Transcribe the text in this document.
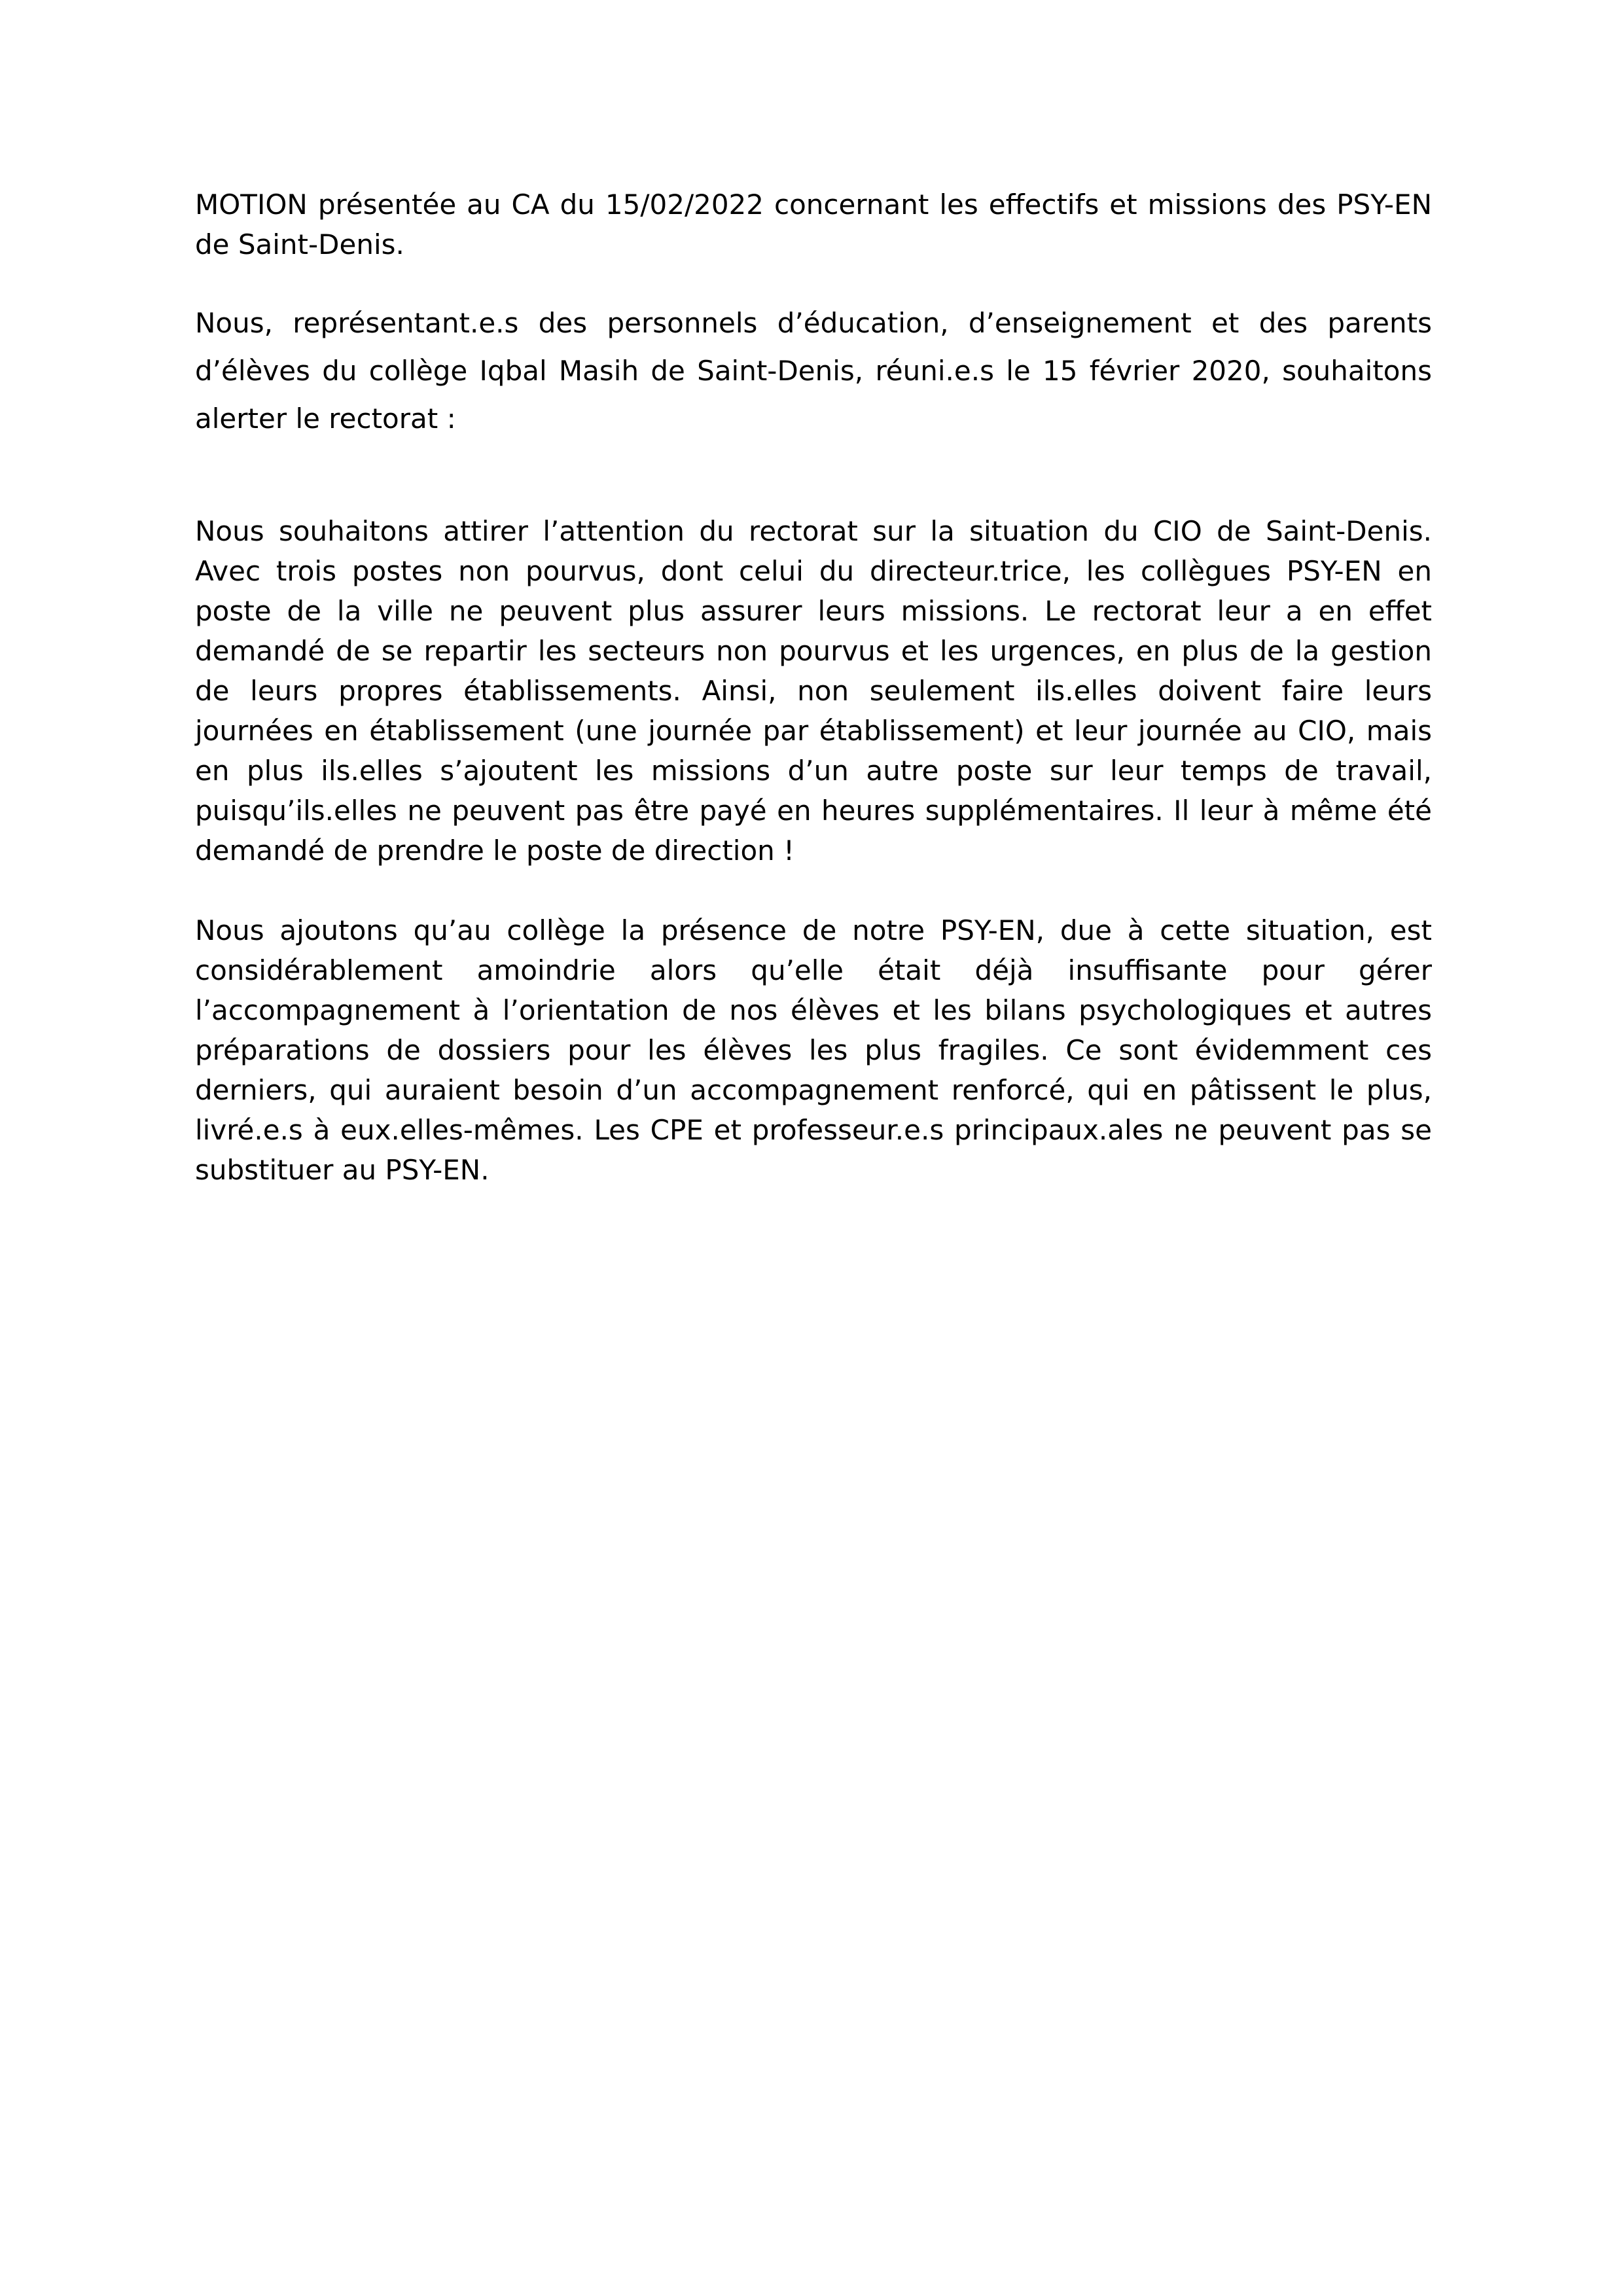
MOTION présentée au CA du 15/02/2022 concernant les effectifs et missions des PSY-EN de Saint-Denis.

Nous, représentant.e.s des personnels d’éducation, d’enseignement et des parents d’élèves du collège Iqbal Masih de Saint-Denis, réuni.e.s le 15 février 2020, souhaitons alerter le rectorat :

Nous souhaitons attirer l’attention du rectorat sur la situation du CIO de Saint-Denis. Avec trois postes non pourvus, dont celui du directeur.trice, les collègues PSY-EN en poste de la ville ne peuvent plus assurer leurs missions. Le rectorat leur a en effet demandé de se repartir les secteurs non pourvus et les urgences, en plus de la gestion de leurs propres établissements. Ainsi, non seulement ils.elles doivent faire leurs journées en établissement (une journée par établissement) et leur journée au CIO, mais en plus ils.elles s’ajoutent les missions d’un autre poste sur leur temps de travail, puisqu’ils.elles ne peuvent pas être payé en heures supplémentaires. Il leur à même été demandé de prendre le poste de direction !

Nous ajoutons qu’au collège la présence de notre PSY-EN, due à cette situation, est considérablement amoindrie alors qu’elle était déjà insuffisante pour gérer l’accompagnement à l’orientation de nos élèves et les bilans psychologiques et autres préparations de dossiers pour les élèves les plus fragiles. Ce sont évidemment ces derniers, qui auraient besoin d’un accompagnement renforcé, qui en pâtissent le plus, livré.e.s à eux.elles-mêmes. Les CPE et professeur.e.s principaux.ales ne peuvent pas se substituer au PSY-EN.
